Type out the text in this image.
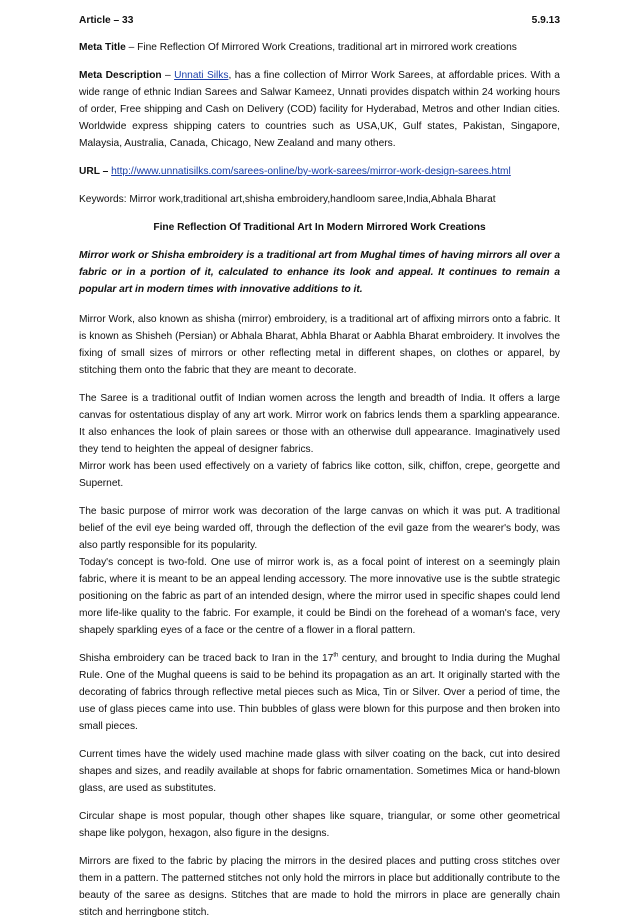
Article – 33	5.9.13

Meta Title – Fine Reflection Of Mirrored Work Creations, traditional art in mirrored work creations

Meta Description – Unnati Silks, has a fine collection of Mirror Work Sarees, at affordable prices. With a wide range of ethnic Indian Sarees and Salwar Kameez, Unnati provides dispatch within 24 working hours of order, Free shipping and Cash on Delivery (COD) facility for Hyderabad, Metros and other Indian cities. Worldwide express shipping caters to countries such as USA,UK, Gulf states, Pakistan, Singapore, Malaysia, Australia, Canada, Chicago, New Zealand and many others.

URL – http://www.unnatisilks.com/sarees-online/by-work-sarees/mirror-work-design-sarees.html

Keywords: Mirror work,traditional art,shisha embroidery,handloom saree,India,Abhala Bharat

Fine Reflection Of Traditional Art In Modern Mirrored Work Creations

Mirror work or Shisha embroidery is a traditional art from Mughal times of having mirrors all over a fabric or in a portion of it, calculated to enhance its look and appeal. It continues to remain a popular art in modern times with innovative additions to it.

Mirror Work, also known as shisha (mirror) embroidery, is a traditional art of affixing mirrors onto a fabric. It is known as Shisheh (Persian) or Abhala Bharat, Abhla Bharat or Aabhla Bharat embroidery. It involves the fixing of small sizes of mirrors or other reflecting metal in different shapes, on clothes or apparel, by stitching them onto the fabric that they are meant to decorate.

The Saree is a traditional outfit of Indian women across the length and breadth of India. It offers a large canvas for ostentatious display of any art work. Mirror work on fabrics lends them a sparkling appearance. It also enhances the look of plain sarees or those with an otherwise dull appearance. Imaginatively used they tend to heighten the appeal of designer fabrics.

Mirror work has been used effectively on a variety of fabrics like cotton, silk, chiffon, crepe, georgette and Supernet.

The basic purpose of mirror work was decoration of the large canvas on which it was put. A traditional belief of the evil eye being warded off, through the deflection of the evil gaze from the wearer's body, was also partly responsible for its popularity.

Today's concept is two-fold. One use of mirror work is, as a focal point of interest on a seemingly plain fabric, where it is meant to be an appeal lending accessory. The more innovative use is the subtle strategic positioning on the fabric as part of an intended design, where the mirror used in specific shapes could lend more life-like quality to the fabric. For example, it could be Bindi on the forehead of a woman's face, very shapely sparkling eyes of a face or the centre of a flower in a floral pattern.

Shisha embroidery can be traced back to Iran in the 17th century, and brought to India during the Mughal Rule. One of the Mughal queens is said to be behind its propagation as an art. It originally started with the decorating of fabrics through reflective metal pieces such as Mica, Tin or Silver. Over a period of time, the use of glass pieces came into use. Thin bubbles of glass were blown for this purpose and then broken into small pieces.

Current times have the widely used machine made glass with silver coating on the back, cut into desired shapes and sizes, and readily available at shops for fabric ornamentation. Sometimes Mica or hand-blown glass, are used as substitutes.

Circular shape is most popular, though other shapes like square, triangular, or some other geometrical shape like polygon, hexagon, also figure in the designs.

Mirrors are fixed to the fabric by placing the mirrors in the desired places and putting cross stitches over them in a pattern. The patterned stitches not only hold the mirrors in place but additionally contribute to the beauty of the saree as designs. Stitches that are made to hold the mirrors in place are generally chain stitch and herringbone stitch.
